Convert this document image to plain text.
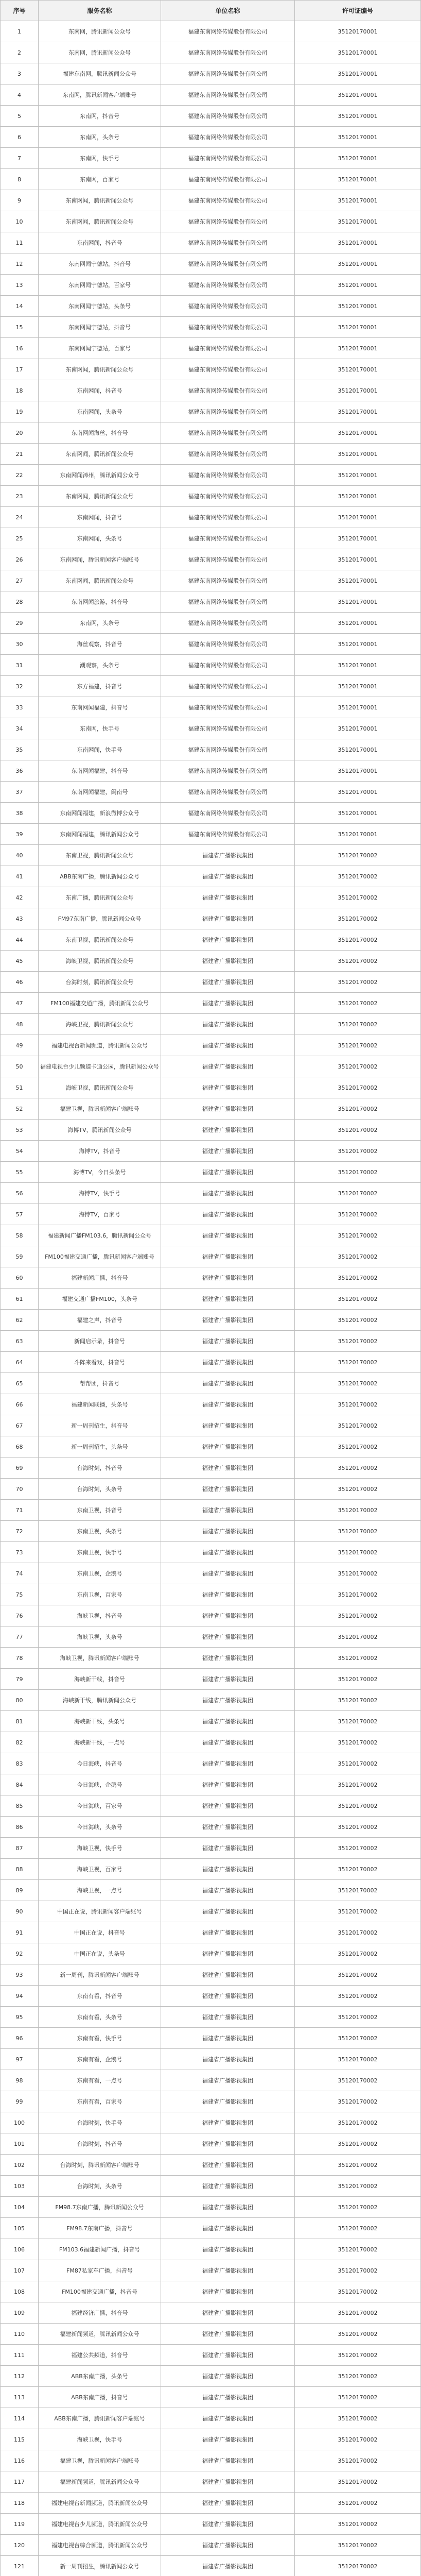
序号	服务名称	单位名称	许可证编号
1	东南网，腾讯新闻公众号	福建东南网络传媒股份有限公司	35120170001
2	东南网，腾讯新闻公众号	福建东南网络传媒股份有限公司	35120170001
3	福建东南网，腾讯新闻公众号	福建东南网络传媒股份有限公司	35120170001
4	东南网，腾讯新闻客户端账号	福建东南网络传媒股份有限公司	35120170001
5	东南网，抖音号	福建东南网络传媒股份有限公司	35120170001
6	东南网，头条号	福建东南网络传媒股份有限公司	35120170001
7	东南网，快手号	福建东南网络传媒股份有限公司	35120170001
8	东南网，百家号	福建东南网络传媒股份有限公司	35120170001
9	东南网闻，腾讯新闻公众号	福建东南网络传媒股份有限公司	35120170001
10	东南网闻，腾讯新闻公众号	福建东南网络传媒股份有限公司	35120170001
11	东南网闻，抖音号	福建东南网络传媒股份有限公司	35120170001
12	东南网闻宁德站，抖音号	福建东南网络传媒股份有限公司	35120170001
13	东南网闻宁德站，百家号	福建东南网络传媒股份有限公司	35120170001
14	东南网闻宁德站，头条号	福建东南网络传媒股份有限公司	35120170001
15	东南网闻宁德站，抖音号	福建东南网络传媒股份有限公司	35120170001
16	东南网闻宁德站，百家号	福建东南网络传媒股份有限公司	35120170001
17	东南网闻，腾讯新闻公众号	福建东南网络传媒股份有限公司	35120170001
18	东南网闻，抖音号	福建东南网络传媒股份有限公司	35120170001
19	东南网闻，头条号	福建东南网络传媒股份有限公司	35120170001
20	东南网闻海丝，抖音号	福建东南网络传媒股份有限公司	35120170001
21	东南网闻，腾讯新闻公众号	福建东南网络传媒股份有限公司	35120170001
22	东南网闻漳州，腾讯新闻公众号	福建东南网络传媒股份有限公司	35120170001
23	东南网闻，腾讯新闻公众号	福建东南网络传媒股份有限公司	35120170001
24	东南网闻，抖音号	福建东南网络传媒股份有限公司	35120170001
25	东南网闻，头条号	福建东南网络传媒股份有限公司	35120170001
26	东南网闻，腾讯新闻客户端账号	福建东南网络传媒股份有限公司	35120170001
27	东南网闻，腾讯新闻公众号	福建东南网络传媒股份有限公司	35120170001
28	东南网闻旅游，抖音号	福建东南网络传媒股份有限公司	35120170001
29	东南网，头条号	福建东南网络传媒股份有限公司	35120170001
30	海丝观察，抖音号	福建东南网络传媒股份有限公司	35120170001
31	潮观察，头条号	福建东南网络传媒股份有限公司	35120170001
32	东方福建，抖音号	福建东南网络传媒股份有限公司	35120170001
33	东南网闻福建，抖音号	福建东南网络传媒股份有限公司	35120170001
34	东南网，快手号	福建东南网络传媒股份有限公司	35120170001
35	东南网闻，快手号	福建东南网络传媒股份有限公司	35120170001
36	东南网闻福建，抖音号	福建东南网络传媒股份有限公司	35120170001
37	东南网闻福建，闽南号	福建东南网络传媒股份有限公司	35120170001
38	东南网闻福建，新浪微博公众号	福建东南网络传媒股份有限公司	35120170001
39	东南网闻福建，腾讯新闻公众号	福建东南网络传媒股份有限公司	35120170001
40	东南卫视，腾讯新闻公众号	福建省广播影视集团	35120170002
41	ABB东南广播，腾讯新闻公众号	福建省广播影视集团	35120170002
42	东南广播，腾讯新闻公众号	福建省广播影视集团	35120170002
43	FM97东南广播，腾讯新闻公众号	福建省广播影视集团	35120170002
44	东南卫视，腾讯新闻公众号	福建省广播影视集团	35120170002
45	海峡卫视，腾讯新闻公众号	福建省广播影视集团	35120170002
46	台海时刻，腾讯新闻公众号	福建省广播影视集团	35120170002
47	FM100福建交通广播，腾讯新闻公众号	福建省广播影视集团	35120170002
48	海峡卫视，腾讯新闻公众号	福建省广播影视集团	35120170002
49	福建电视台新闻频道，腾讯新闻公众号	福建省广播影视集团	35120170002
50	福建电视台少儿频道卡通公园，腾讯新闻公众号	福建省广播影视集团	35120170002
51	海峡卫视，腾讯新闻公众号	福建省广播影视集团	35120170002
52	福建卫视，腾讯新闻客户端账号	福建省广播影视集团	35120170002
53	海博TV，腾讯新闻公众号	福建省广播影视集团	35120170002
54	海博TV，抖音号	福建省广播影视集团	35120170002
55	海博TV，今日头条号	福建省广播影视集团	35120170002
56	海博TV，快手号	福建省广播影视集团	35120170002
57	海博TV，百家号	福建省广播影视集团	35120170002
58	福建新闻广播FM103.6，腾讯新闻公众号	福建省广播影视集团	35120170002
59	FM100福建交通广播，腾讯新闻客户端账号	福建省广播影视集团	35120170002
60	福建新闻广播，抖音号	福建省广播影视集团	35120170002
61	福建交通广播FM100，头条号	福建省广播影视集团	35120170002
62	福建之声，抖音号	福建省广播影视集团	35120170002
63	新闻启示录，抖音号	福建省广播影视集团	35120170002
64	斗阵来看戏，抖音号	福建省广播影视集团	35120170002
65	帮帮团，抖音号	福建省广播影视集团	35120170002
66	福建新闻联播，头条号	福建省广播影视集团	35120170002
67	新一周刊招生，抖音号	福建省广播影视集团	35120170002
68	新一周刊招生，头条号	福建省广播影视集团	35120170002
69	台海时刻，抖音号	福建省广播影视集团	35120170002
70	台海时刻，头条号	福建省广播影视集团	35120170002
71	东南卫视，抖音号	福建省广播影视集团	35120170002
72	东南卫视，头条号	福建省广播影视集团	35120170002
73	东南卫视，快手号	福建省广播影视集团	35120170002
74	东南卫视，企鹅号	福建省广播影视集团	35120170002
75	东南卫视，百家号	福建省广播影视集团	35120170002
76	海峡卫视，抖音号	福建省广播影视集团	35120170002
77	海峡卫视，头条号	福建省广播影视集团	35120170002
78	海峡卫视，腾讯新闻客户端账号	福建省广播影视集团	35120170002
79	海峡新干线，抖音号	福建省广播影视集团	35120170002
80	海峡新干线，腾讯新闻公众号	福建省广播影视集团	35120170002
81	海峡新干线，头条号	福建省广播影视集团	35120170002
82	海峡新干线，一点号	福建省广播影视集团	35120170002
83	今日海峡，抖音号	福建省广播影视集团	35120170002
84	今日海峡，企鹅号	福建省广播影视集团	35120170002
85	今日海峡，百家号	福建省广播影视集团	35120170002
86	今日海峡，头条号	福建省广播影视集团	35120170002
87	海峡卫视，快手号	福建省广播影视集团	35120170002
88	海峡卫视，百家号	福建省广播影视集团	35120170002
89	海峡卫视，一点号	福建省广播影视集团	35120170002
90	中国正在说，腾讯新闻客户端账号	福建省广播影视集团	35120170002
91	中国正在说，抖音号	福建省广播影视集团	35120170002
92	中国正在说，头条号	福建省广播影视集团	35120170002
93	新一周刊，腾讯新闻客户端账号	福建省广播影视集团	35120170002
94	东南有看，抖音号	福建省广播影视集团	35120170002
95	东南有看，头条号	福建省广播影视集团	35120170002
96	东南有看，快手号	福建省广播影视集团	35120170002
97	东南有看，企鹅号	福建省广播影视集团	35120170002
98	东南有看，一点号	福建省广播影视集团	35120170002
99	东南有看，百家号	福建省广播影视集团	35120170002
100	台海时刻，快手号	福建省广播影视集团	35120170002
101	台海时刻，抖音号	福建省广播影视集团	35120170002
102	台海时刻，腾讯新闻客户端账号	福建省广播影视集团	35120170002
103	台海时刻，头条号	福建省广播影视集团	35120170002
104	FM98.7东南广播，腾讯新闻公众号	福建省广播影视集团	35120170002
105	FM98.7东南广播，抖音号	福建省广播影视集团	35120170002
106	FM103.6福建新闻广播，抖音号	福建省广播影视集团	35120170002
107	FM87私家车广播，抖音号	福建省广播影视集团	35120170002
108	FM100福建交通广播，抖音号	福建省广播影视集团	35120170002
109	福建经济广播，抖音号	福建省广播影视集团	35120170002
110	福建新闻频道，腾讯新闻公众号	福建省广播影视集团	35120170002
111	福建公共频道，抖音号	福建省广播影视集团	35120170002
112	ABB东南广播，头条号	福建省广播影视集团	35120170002
113	ABB东南广播，抖音号	福建省广播影视集团	35120170002
114	ABB东南广播，腾讯新闻客户端账号	福建省广播影视集团	35120170002
115	海峡卫视，快手号	福建省广播影视集团	35120170002
116	福建卫视，腾讯新闻客户端账号	福建省广播影视集团	35120170002
117	福建新闻频道，腾讯新闻公众号	福建省广播影视集团	35120170002
118	福建电视台新闻频道，腾讯新闻公众号	福建省广播影视集团	35120170002
119	福建电视台少儿频道，腾讯新闻公众号	福建省广播影视集团	35120170002
120	福建电视台综合频道，腾讯新闻公众号	福建省广播影视集团	35120170002
121	新一周刊招生，腾讯新闻公众号	福建省广播影视集团	35120170002
